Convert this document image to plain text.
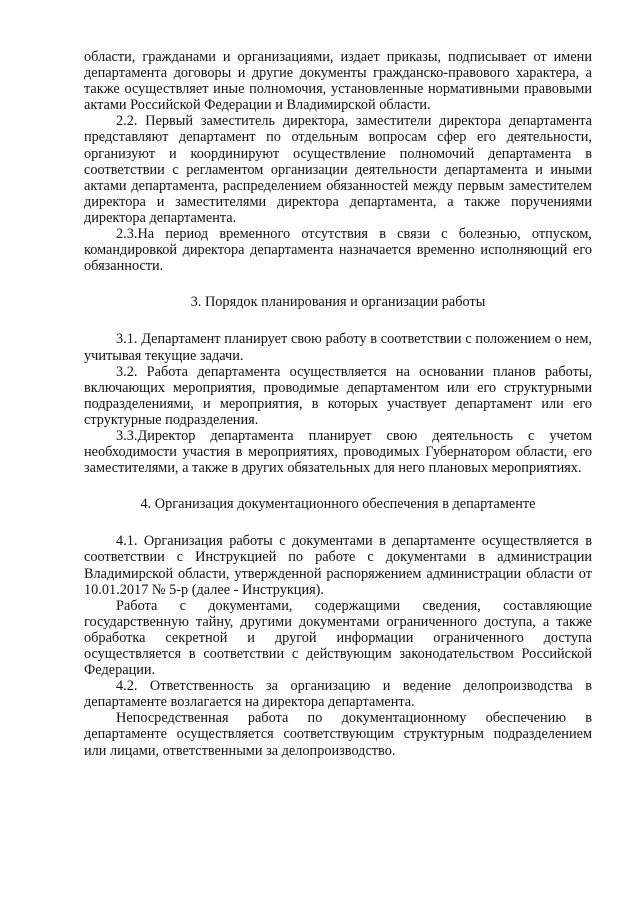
области, гражданами и организациями, издает приказы, подписывает от имени департамента договоры и другие документы гражданско-правового характера, а также осуществляет иные полномочия, установленные нормативными правовыми актами Российской Федерации и Владимирской области.

2.2. Первый заместитель директора, заместители директора департамента представляют департамент по отдельным вопросам сфер его деятельности, организуют и координируют осуществление полномочий департамента в соответствии с регламентом организации деятельности департамента и иными актами департамента, распределением обязанностей между первым заместителем директора и заместителями директора департамента, а также поручениями директора департамента.

2.3.На период временного отсутствия в связи с болезнью, отпуском, командировкой директора департамента назначается временно исполняющий его обязанности.

3. Порядок планирования и организации работы

3.1. Департамент планирует свою работу в соответствии с положением о нем, учитывая текущие задачи.

3.2. Работа департамента осуществляется на основании планов работы, включающих мероприятия, проводимые департаментом или его структурными подразделениями, и мероприятия, в которых участвует департамент или его структурные подразделения.

3.3.Директор департамента планирует свою деятельность с учетом необходимости участия в мероприятиях, проводимых Губернатором области, его заместителями, а также в других обязательных для него плановых мероприятиях.

4. Организация документационного обеспечения в департаменте

4.1. Организация работы с документами в департаменте осуществляется в соответствии с Инструкцией по работе с документами в администрации Владимирской области, утвержденной распоряжением администрации области от 10.01.2017 № 5-р (далее - Инструкция).

Работа с документами, содержащими сведения, составляющие государственную тайну, другими документами ограниченного доступа, а также обработка секретной и другой информации ограниченного доступа осуществляется в соответствии с действующим законодательством Российской Федерации.

4.2. Ответственность за организацию и ведение делопроизводства в департаменте возлагается на директора департамента.

Непосредственная работа по документационному обеспечению в департаменте осуществляется соответствующим структурным подразделением или лицами, ответственными за делопроизводство.
